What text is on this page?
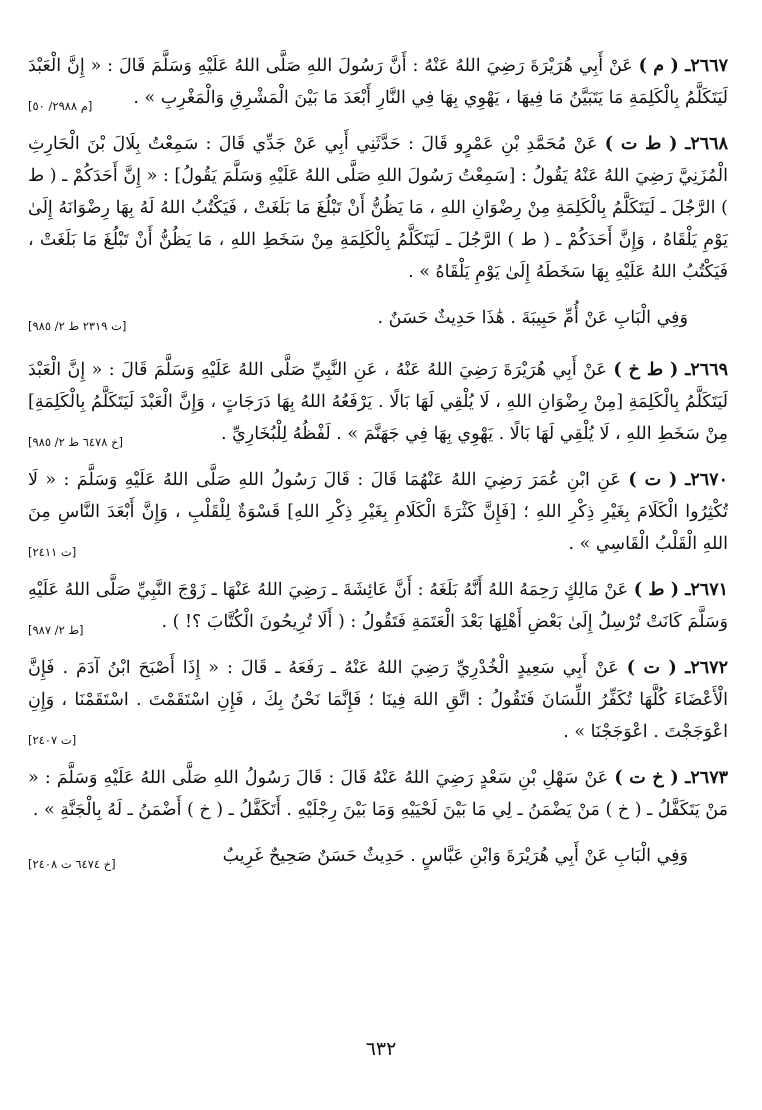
٢٦٦٧ـ ( م ) عَنْ أَبِي هُرَيْرَةَ رَضِيَ اللهُ عَنْهُ : أَنَّ رَسُولَ اللهِ صَلَّى اللهُ عَلَيْهِ وَسَلَّمَ قَالَ : « إِنَّ الْعَبْدَ لَيَتَكَلَّمُ بِالْكَلِمَةِ مَا يَتَبَيَّنُ مَا فِيهَا ، يَهْوِي بِهَا فِي النَّارِ أَبْعَدَ مَا بَيْنَ الْمَشْرِقِ وَالْمَغْرِبِ » .
[م ٢٩٨٨/ ٥٠]

٢٦٦٨ـ ( ط ت ) عَنْ مُحَمَّدِ بْنِ عَمْرٍو قَالَ : حَدَّثَنِي أَبِي عَنْ جَدِّي قَالَ : سَمِعْتُ بِلَالَ بْنَ الْحَارِثِ الْمُزَنِيَّ رَضِيَ اللهُ عَنْهُ يَقُولُ : [سَمِعْتُ رَسُولَ اللهِ صَلَّى اللهُ عَلَيْهِ وَسَلَّمَ يَقُولُ] : « إِنَّ أَحَدَكُمْ ـ ( ط ) الرَّجُلَ ـ لَيَتَكَلَّمُ بِالْكَلِمَةِ مِنْ رِضْوَانِ اللهِ ، مَا يَظُنُّ أَنْ تَبْلُغَ مَا بَلَغَتْ ، فَيَكْتُبُ اللهُ لَهُ بِهَا رِضْوَانَهُ إِلَىٰ يَوْمِ يَلْقَاهُ ، وَإِنَّ أَحَدَكُمْ ـ ( ط ) الرَّجُلَ ـ لَيَتَكَلَّمُ بِالْكَلِمَةِ مِنْ سَخَطِ اللهِ ، مَا يَظُنُّ أَنْ تَبْلُغَ مَا بَلَغَتْ ، فَيَكْتُبُ اللهُ عَلَيْهِ بِهَا سَخَطَهُ إِلَىٰ يَوْمِ يَلْقَاهُ » .

وَفِي الْبَابِ عَنْ أُمِّ حَبِيبَةَ . هَٰذَا حَدِيثٌ حَسَنٌ .
[ت ٢٣١٩ ط ٢/ ٩٨٥]

٢٦٦٩ـ ( ط خ ) عَنْ أَبِي هُرَيْرَةَ رَضِيَ اللهُ عَنْهُ ، عَنِ النَّبِيِّ صَلَّى اللهُ عَلَيْهِ وَسَلَّمَ قَالَ : « إِنَّ الْعَبْدَ لَيَتَكَلَّمُ بِالْكَلِمَةِ [مِنْ رِضْوَانِ اللهِ ، لَا يُلْقِي لَهَا بَالًا . يَرْفَعُهُ اللهُ بِهَا دَرَجَاتٍ ، وَإِنَّ الْعَبْدَ لَيَتَكَلَّمُ بِالْكَلِمَةِ] مِنْ سَخَطِ اللهِ ، لَا يُلْقِي لَهَا بَالًا . يَهْوِي بِهَا فِي جَهَنَّمَ » . لَفْظُهُ لِلْبُخَارِيِّ .
[خ ٦٤٧٨ ط ٢/ ٩٨٥]

٢٦٧٠ـ ( ت ) عَنِ ابْنِ عُمَرَ رَضِيَ اللهُ عَنْهُمَا قَالَ : قَالَ رَسُولُ اللهِ صَلَّى اللهُ عَلَيْهِ وَسَلَّمَ : « لَا تُكْثِرُوا الْكَلَامَ بِغَيْرِ ذِكْرِ اللهِ ؛ [فَإِنَّ كَثْرَةَ الْكَلَامِ بِغَيْرِ ذِكْرِ اللهِ] قَسْوَةٌ لِلْقَلْبِ ، وَإِنَّ أَبْعَدَ النَّاسِ مِنَ اللهِ الْقَلْبُ الْقَاسِي » .
[ت ٢٤١١]

٢٦٧١ـ ( ط ) عَنْ مَالِكٍ رَحِمَهُ اللهُ أَنَّهُ بَلَغَهُ : أَنَّ عَائِشَةَ ـ رَضِيَ اللهُ عَنْهَا ـ زَوْجَ النَّبِيِّ صَلَّى اللهُ عَلَيْهِ وَسَلَّمَ كَانَتْ تُرْسِلُ إِلَىٰ بَعْضِ أَهْلِهَا بَعْدَ الْعَتَمَةِ فَتَقُولُ : ( أَلَا تُرِيحُونَ الْكُتَّابَ ؟! ) .
[ط ٢/ ٩٨٧]

٢٦٧٢ـ ( ت ) عَنْ أَبِي سَعِيدٍ الْخُدْرِيِّ رَضِيَ اللهُ عَنْهُ ـ رَفَعَهُ ـ قَالَ : « إِذَا أَصْبَحَ ابْنُ آدَمَ . فَإِنَّ الْأَعْضَاءَ كُلَّهَا تُكَفِّرُ اللِّسَانَ فَتَقُولُ : اتَّقِ اللهَ فِينَا ؛ فَإِنَّمَا نَحْنُ بِكَ ، فَإِنِ اسْتَقَمْتَ . اسْتَقَمْنَا ، وَإِنِ اعْوَجَجْتَ . اعْوَجَجْنَا » .
[ت ٢٤٠٧]

٢٦٧٣ـ ( خ ت ) عَنْ سَهْلِ بْنِ سَعْدٍ رَضِيَ اللهُ عَنْهُ قَالَ : قَالَ رَسُولُ اللهِ صَلَّى اللهُ عَلَيْهِ وَسَلَّمَ : « مَنْ يَتَكَفَّلُ ـ ( خ ) مَنْ يَضْمَنُ ـ لِي مَا بَيْنَ لَحْيَيْهِ وَمَا بَيْنَ رِجْلَيْهِ . أَتَكَفَّلُ ـ ( خ ) أَضْمَنُ ـ لَهُ بِالْجَنَّةِ » .

وَفِي الْبَابِ عَنْ أَبِي هُرَيْرَةَ وَابْنِ عَبَّاسٍ . حَدِيثٌ حَسَنٌ صَحِيحٌ غَرِيبٌ
[خ ٦٤٧٤ ت ٢٤٠٨]
٦٣٢
